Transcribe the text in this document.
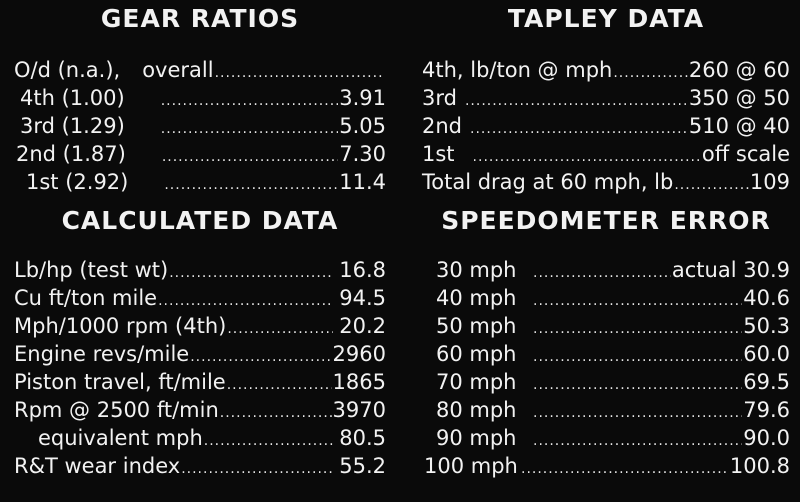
GEAR RATIOS
O/d (n.a.), overall
.....
4th (1.00) .....	3.91
3rd (1.29) .....	5.05
2nd (1.87) .....	7.30
1st (2.92) .....	11.4
TAPLEY DATA
4th, lb/ton @ mph .....	260 @ 60
3rd .....	350 @ 50
2nd .....	510 @ 40
1st .....	off scale
Total drag at 60 mph, lb .....	109
CALCULATED DATA
Lb/hp (test wt) .....	16.8
Cu ft/ton mile .....	94.5
Mph/1000 rpm (4th) .....	20.2
Engine revs/mile .....	2960
Piston travel, ft/mile .....	1865
Rpm @ 2500 ft/min .....	3970
equivalent mph .....	80.5
R&T wear index .....	55.2
SPEEDOMETER ERROR
30 mph .....	actual 30.9
40 mph .....	40.6
50 mph .....	50.3
60 mph .....	60.0
70 mph .....	69.5
80 mph .....	79.6
90 mph .....	90.0
100 mph .....	100.8
